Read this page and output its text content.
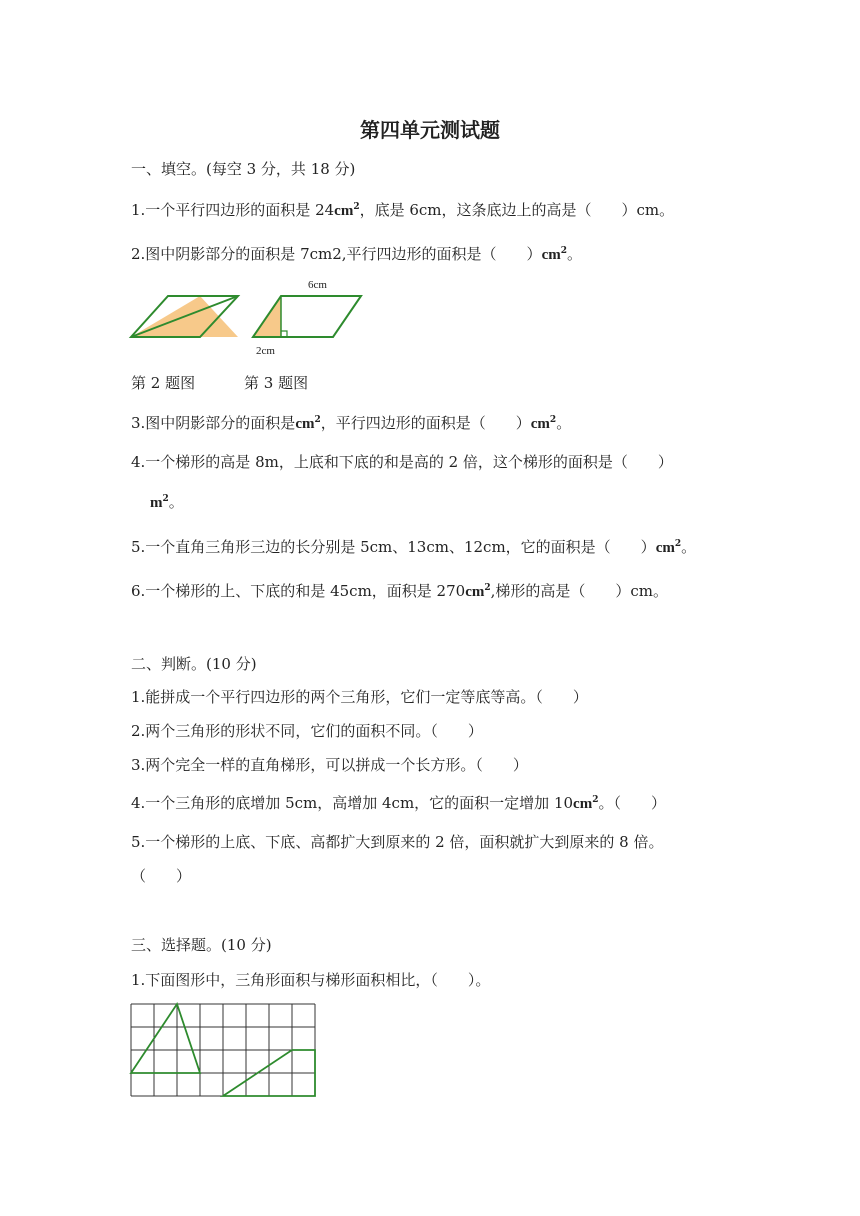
第四单元测试题
一、填空。(每空 3 分，共 18 分)
1.一个平行四边形的面积是 $24cm^2$，底是 6cm，这条底边上的高是（　　）cm。
2.图中阴影部分的面积是 7cm2,平行四边形的面积是（　　）$cm^2$。
6cm
2cm
第 2 题图	第 3 题图
3.图中阴影部分的面积是$cm^2$，平行四边形的面积是（　　）$cm^2$。
4.一个梯形的高是 8m，上底和下底的和是高的 2 倍，这个梯形的面积是（　　）
$m^2$。
5.一个直角三角形三边的长分别是 5cm、13cm、12cm，它的面积是（　　）$cm^2$。
6.一个梯形的上、下底的和是 45cm，面积是 $270cm^2$,梯形的高是（　　）cm。
二、判断。(10 分)
1.能拼成一个平行四边形的两个三角形，它们一定等底等高。（　　）
2.两个三角形的形状不同，它们的面积不同。（　　）
3.两个完全一样的直角梯形，可以拼成一个长方形。（　　）
4.一个三角形的底增加 5cm，高增加 4cm，它的面积一定增加 $10cm^2$。（　　）
5.一个梯形的上底、下底、高都扩大到原来的 2 倍，面积就扩大到原来的 8 倍。
（　　）
三、选择题。(10 分)
1.下面图形中，三角形面积与梯形面积相比，（　　）。
